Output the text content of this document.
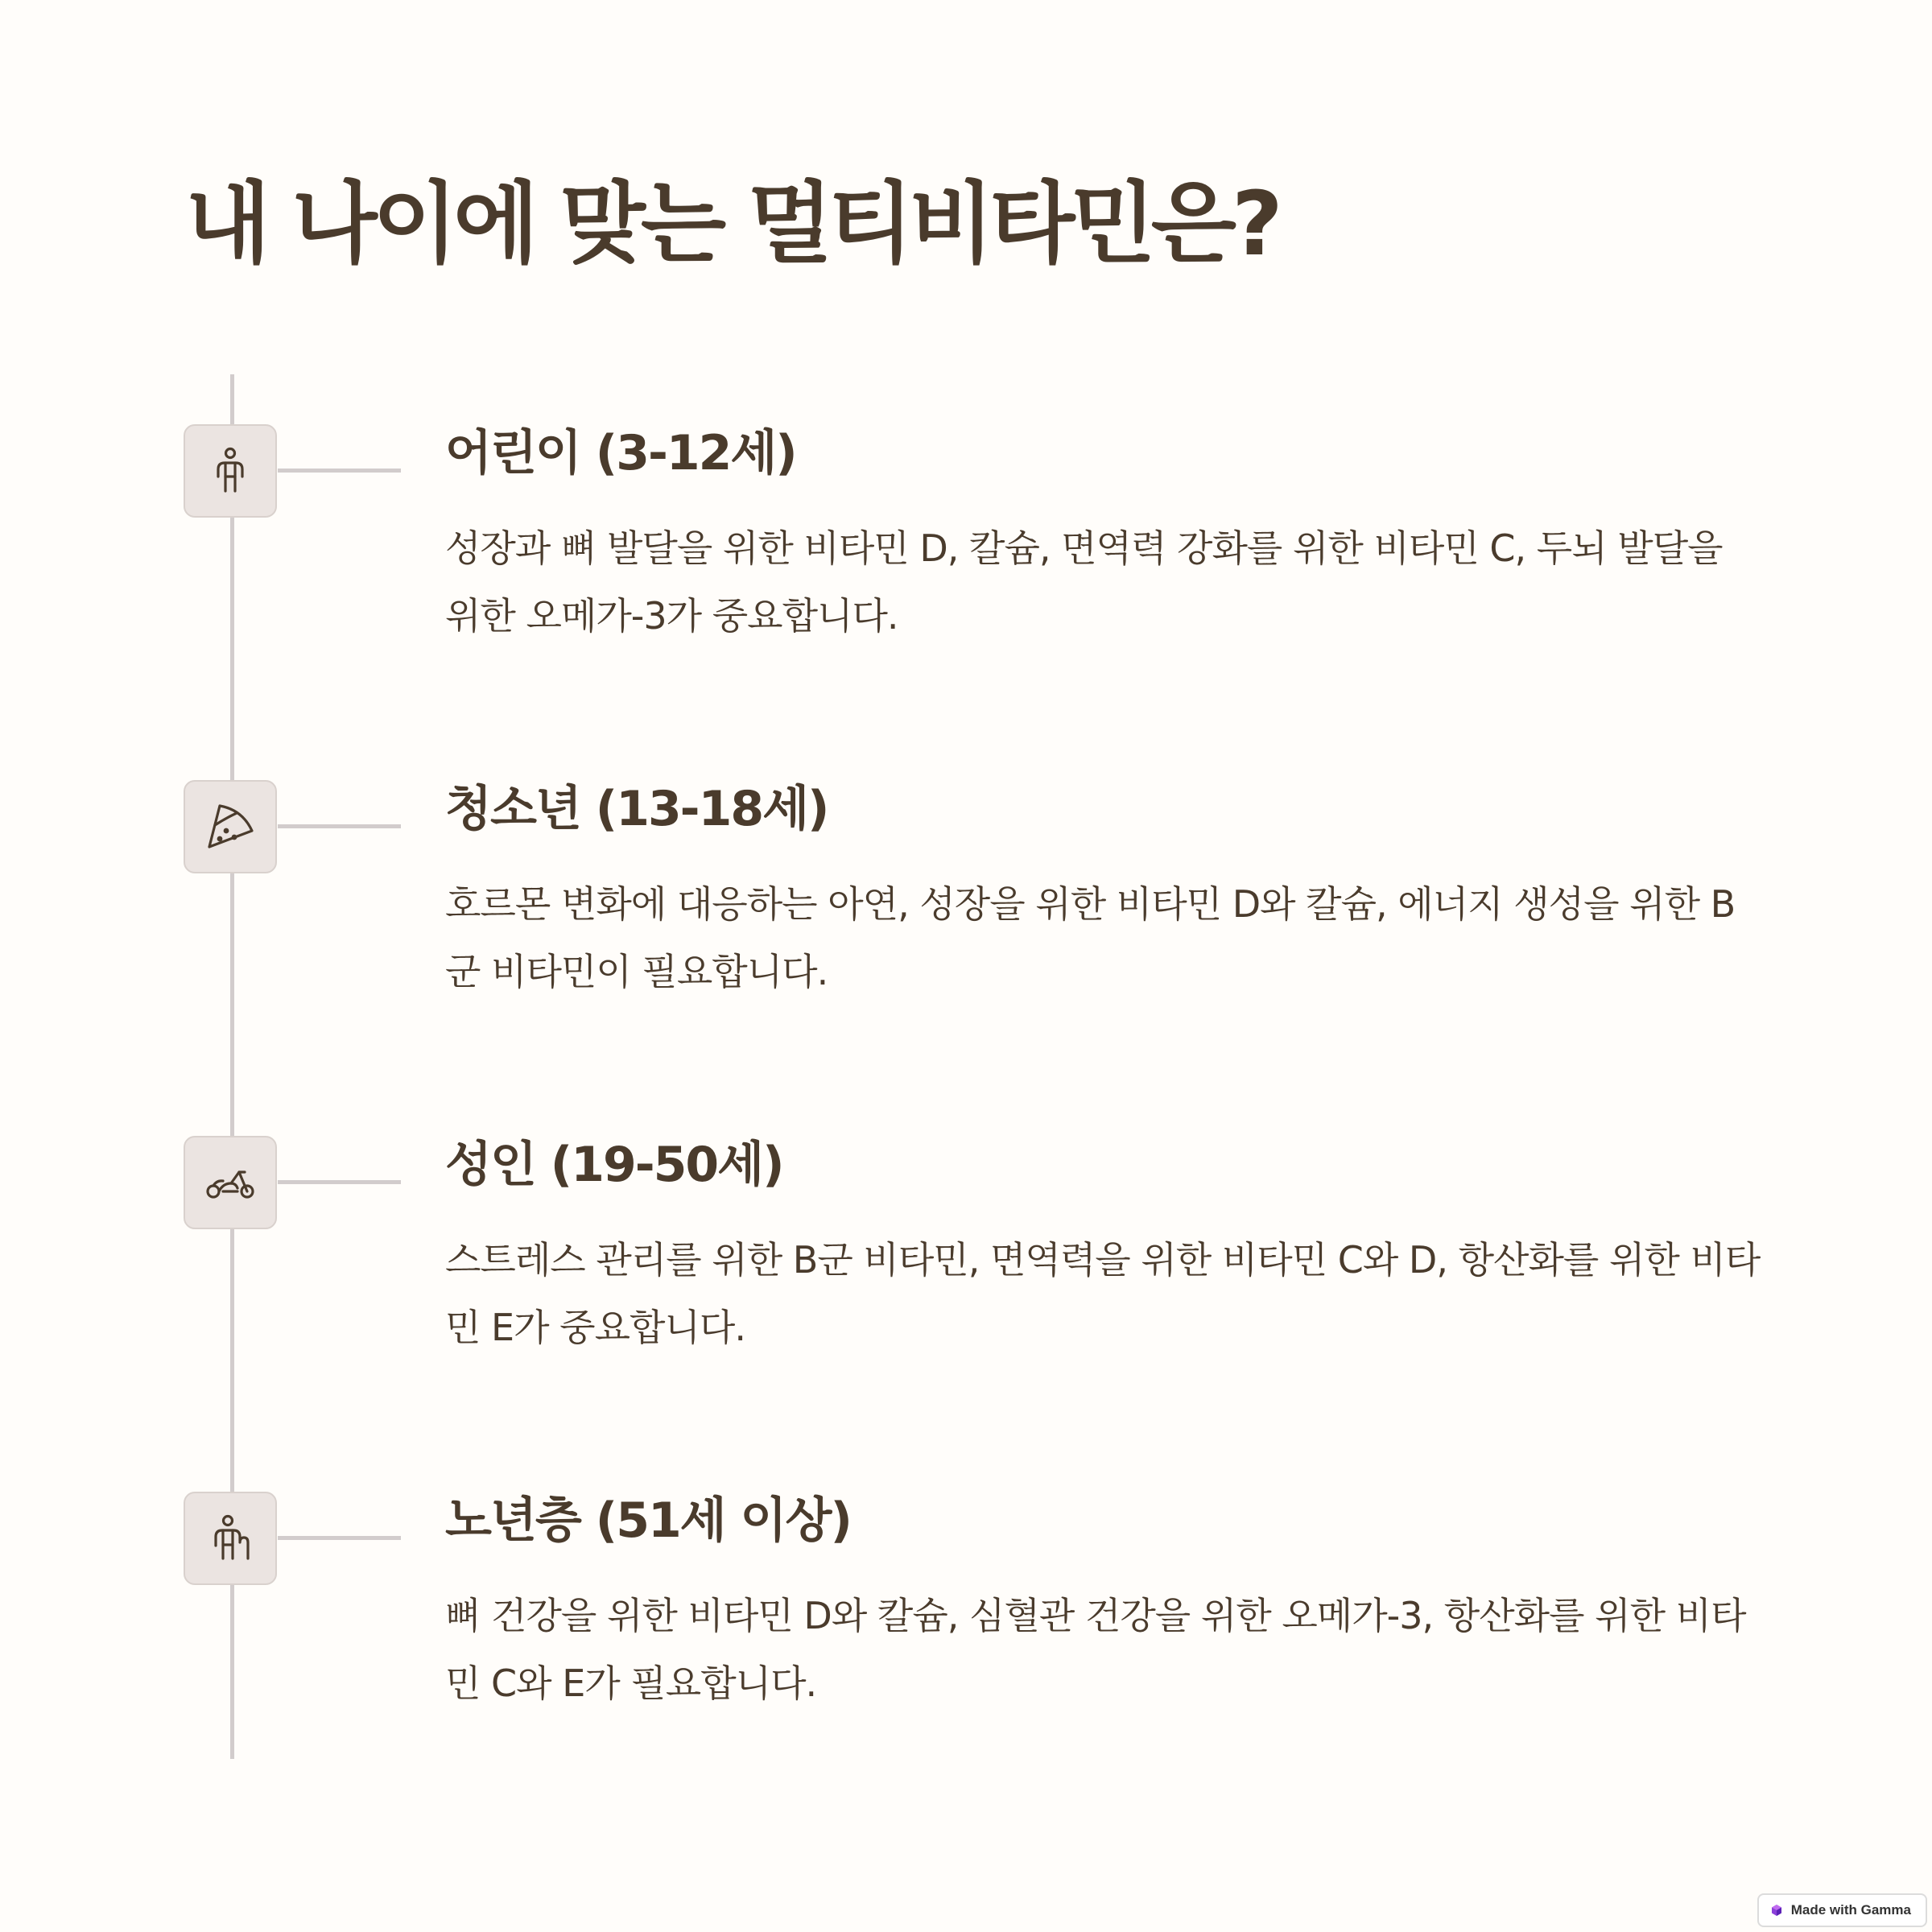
내 나이에 맞는 멀티비타민은?
어린이 (3-12세)

성장과 뼈 발달을 위한 비타민 D, 칼슘, 면역력 강화를 위한 비타민 C, 두뇌 발달을 위한 오메가-3가 중요합니다.

청소년 (13-18세)

호르몬 변화에 대응하는 아연, 성장을 위한 비타민 D와 칼슘, 에너지 생성을 위한 B군 비타민이 필요합니다.

성인 (19-50세)

스트레스 관리를 위한 B군 비타민, 면역력을 위한 비타민 C와 D, 항산화를 위한 비타민 E가 중요합니다.

노년층 (51세 이상)

뼈 건강을 위한 비타민 D와 칼슘, 심혈관 건강을 위한 오메가-3, 항산화를 위한 비타민 C와 E가 필요합니다.

Made with Gamma
